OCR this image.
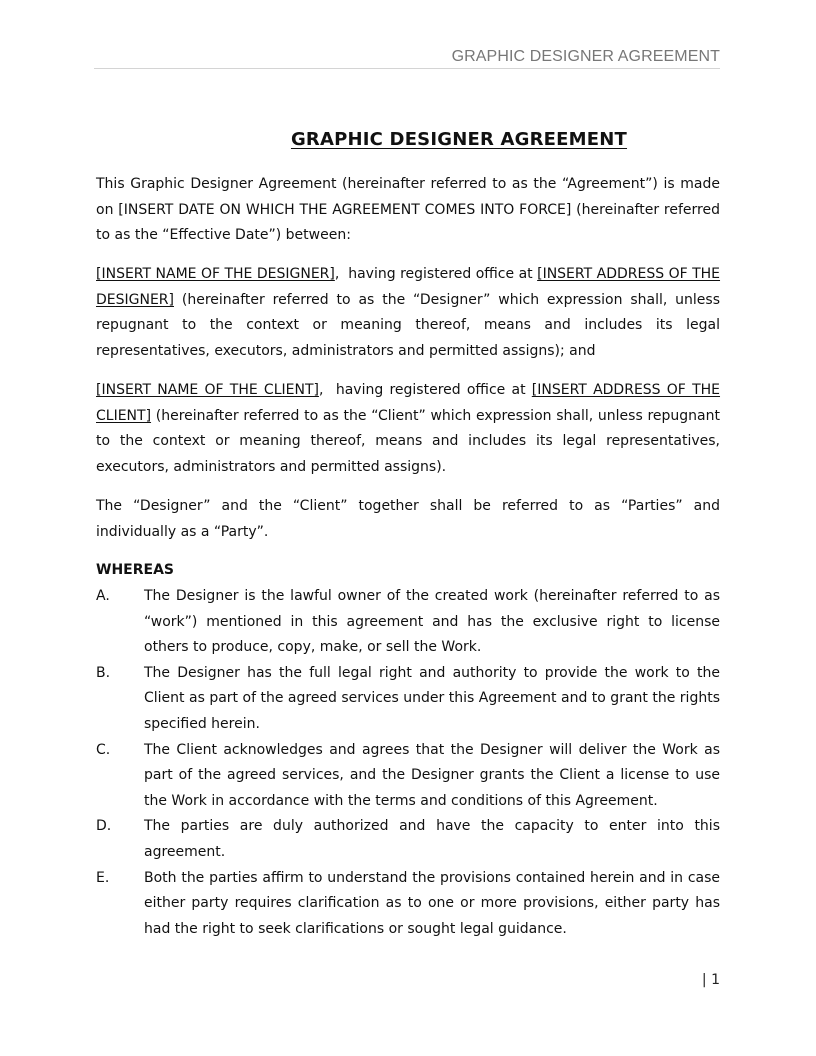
GRAPHIC DESIGNER AGREEMENT
GRAPHIC DESIGNER AGREEMENT

This Graphic Designer Agreement (hereinafter referred to as the “Agreement”) is made on [INSERT DATE ON WHICH THE AGREEMENT COMES INTO FORCE] (hereinafter referred to as the “Effective Date”) between:

[INSERT NAME OF THE DESIGNER],  having registered office at [INSERT ADDRESS OF THE DESIGNER] (hereinafter referred to as the “Designer” which expression shall, unless repugnant to the context or meaning thereof, means and includes its legal representatives, executors, administrators and permitted assigns); and

[INSERT NAME OF THE CLIENT],  having registered office at [INSERT ADDRESS OF THE CLIENT] (hereinafter referred to as the “Client” which expression shall, unless repugnant to the context or meaning thereof, means and includes its legal representatives, executors, administrators and permitted assigns).

The “Designer” and the “Client” together shall be referred to as “Parties” and individually as a “Party”.

WHEREAS
A. The Designer is the lawful owner of the created work (hereinafter referred to as “work”) mentioned in this agreement and has the exclusive right to license others to produce, copy, make, or sell the Work.
B. The Designer has the full legal right and authority to provide the work to the Client as part of the agreed services under this Agreement and to grant the rights specified herein.
C. The Client acknowledges and agrees that the Designer will deliver the Work as part of the agreed services, and the Designer grants the Client a license to use the Work in accordance with the terms and conditions of this Agreement.
D. The parties are duly authorized and have the capacity to enter into this agreement.
E. Both the parties affirm to understand the provisions contained herein and in case either party requires clarification as to one or more provisions, either party has had the right to seek clarifications or sought legal guidance.
| 1
